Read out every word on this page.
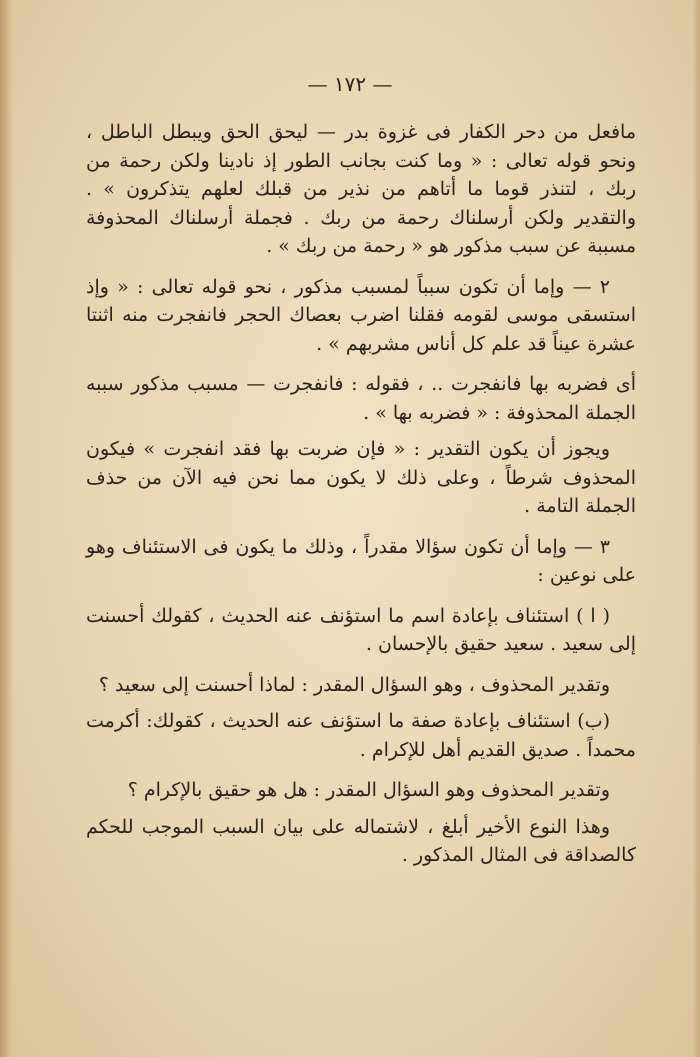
— ١٧٢ —

مافعل من دحر الكفار فى غزوة بدر — ليحق الحق ويبطل الباطل ، ونحو قوله تعالى : « وما كنت بجانب الطور إذ نادينا ولكن رحمة من ربك ، لتنذر قوما ما أتاهم من نذير من قبلك لعلهم يتذكرون » . والتقدير ولكن أرسلناك رحمة من ربك . فجملة أرسلناك المحذوفة مسببة عن سبب مذكور هو « رحمة من ربك » .

٢ — وإما أن تكون سبباً لمسبب مذكور ، نحو قوله تعالى : « وإذ استسقى موسى لقومه فقلنا اضرب بعصاك الحجر فانفجرت منه اثنتا عشرة عيناً قد علم كل أناس مشربهم » .

أى فضربه بها فانفجرت .. ، فقوله : فانفجرت — مسبب مذكور سببه الجملة المحذوفة : « فضربه بها » .

ويجوز أن يكون التقدير : « فإن ضربت بها فقد انفجرت » فيكون المحذوف شرطاً ، وعلى ذلك لا يكون مما نحن فيه الآن من حذف الجملة التامة .

٣ — وإما أن تكون سؤالا مقدراً ، وذلك ما يكون فى الاستئناف وهو على نوعين :

( ا ) استئناف بإعادة اسم ما استؤنف عنه الحديث ، كقولك أحسنت إلى سعيد . سعيد حقيق بالإحسان .

وتقدير المحذوف ، وهو السؤال المقدر : لماذا أحسنت إلى سعيد ؟

(ب) استئناف بإعادة صفة ما استؤنف عنه الحديث ، كقولك: أكرمت محمداً . صديق القديم أهل للإكرام .

وتقدير المحذوف وهو السؤال المقدر : هل هو حقيق بالإكرام ؟

وهذا النوع الأخير أبلغ ، لاشتماله على بيان السبب الموجب للحكم كالصداقة فى المثال المذكور .
